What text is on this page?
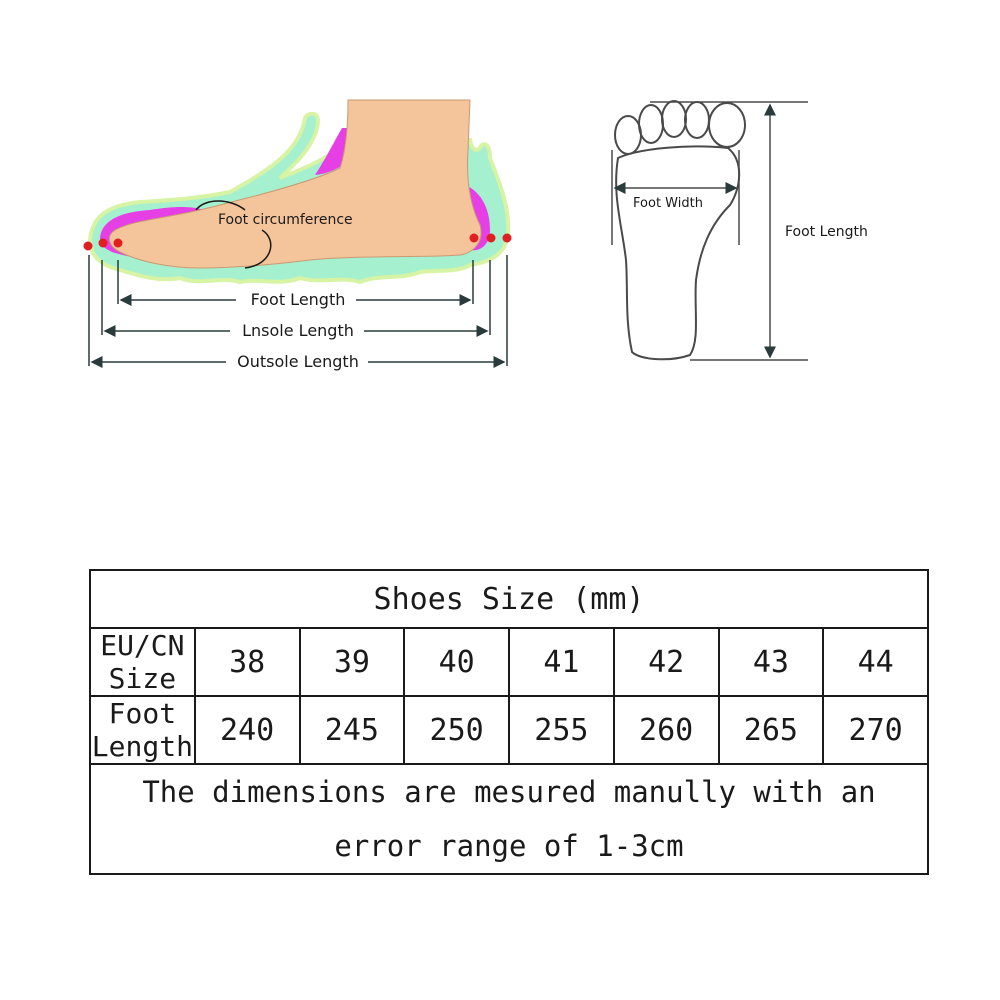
Foot circumference
Foot Length
Lnsole Length
Outsole Length
Foot Width
Foot Length
Shoes Size (mm)							
EU/CN Size	38	39	40	41	42	43	44
Foot Length	240	245	250	255	260	265	270
The dimensions are mesured manully with an error range of 1-3cm							
